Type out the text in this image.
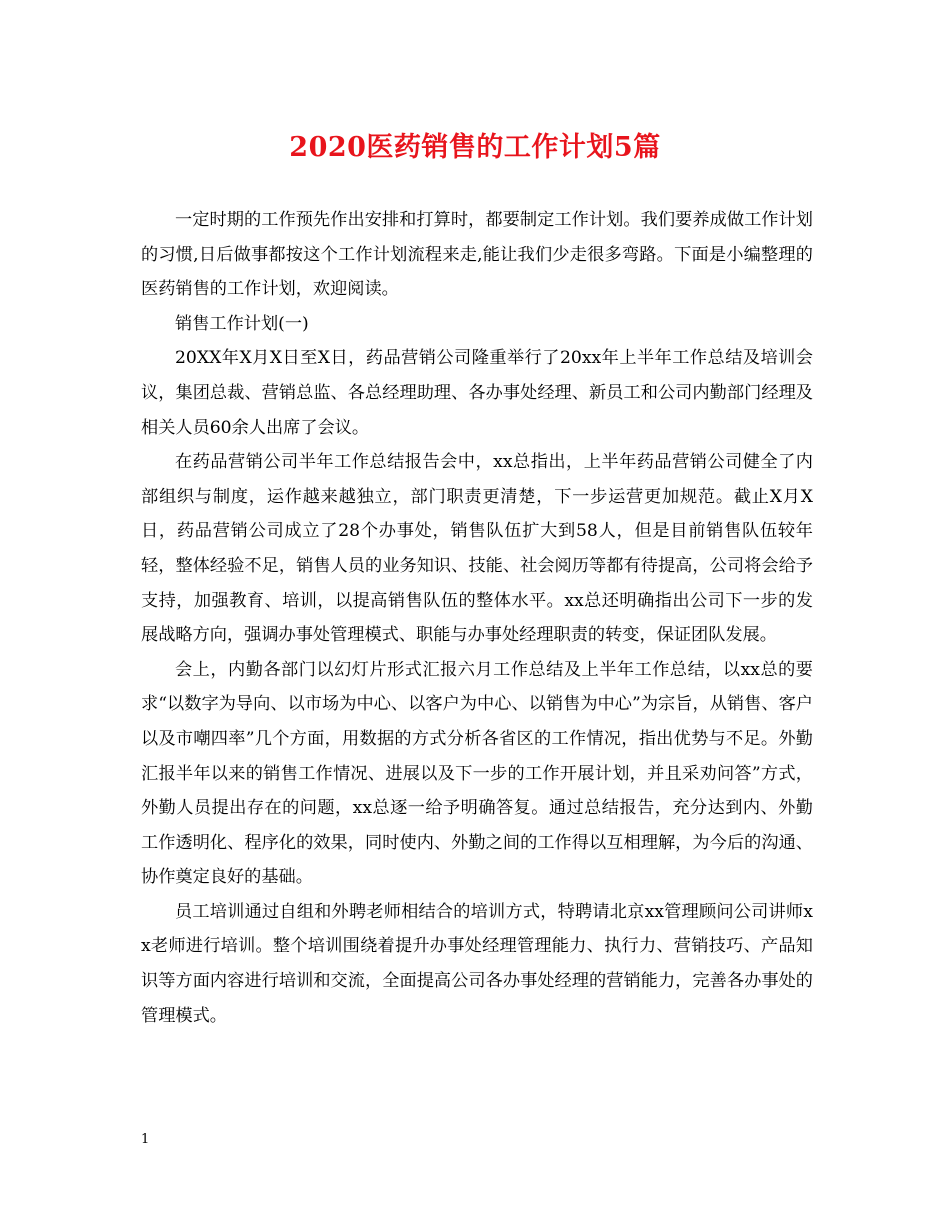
2020医药销售的工作计划5篇

一定时期的工作预先作出安排和打算时，都要制定工作计划。我们要养成做工作计划的习惯,日后做事都按这个工作计划流程来走,能让我们少走很多弯路。下面是小编整理的医药销售的工作计划，欢迎阅读。

销售工作计划(一)

20XX年X月X日至X日，药品营销公司隆重举行了20xx年上半年工作总结及培训会议，集团总裁、营销总监、各总经理助理、各办事处经理、新员工和公司内勤部门经理及相关人员60余人出席了会议。

在药品营销公司半年工作总结报告会中，xx总指出，上半年药品营销公司健全了内部组织与制度，运作越来越独立，部门职责更清楚，下一步运营更加规范。截止X月X日，药品营销公司成立了28个办事处，销售队伍扩大到58人，但是目前销售队伍较年轻，整体经验不足，销售人员的业务知识、技能、社会阅历等都有待提高，公司将会给予支持，加强教育、培训，以提高销售队伍的整体水平。xx总还明确指出公司下一步的发展战略方向，强调办事处管理模式、职能与办事处经理职责的转变，保证团队发展。

会上，内勤各部门以幻灯片形式汇报六月工作总结及上半年工作总结，以xx总的要求“以数字为导向、以市场为中心、以客户为中心、以销售为中心”为宗旨，从销售、客户以及市嘲四率”几个方面，用数据的方式分析各省区的工作情况，指出优势与不足。外勤汇报半年以来的销售工作情况、进展以及下一步的工作开展计划，并且采劝问答”方式，外勤人员提出存在的问题，xx总逐一给予明确答复。通过总结报告，充分达到内、外勤工作透明化、程序化的效果，同时使内、外勤之间的工作得以互相理解，为今后的沟通、协作奠定良好的基础。

员工培训通过自组和外聘老师相结合的培训方式，特聘请北京xx管理顾问公司讲师xx老师进行培训。整个培训围绕着提升办事处经理管理能力、执行力、营销技巧、产品知识等方面内容进行培训和交流，全面提高公司各办事处经理的营销能力，完善各办事处的管理模式。

1
